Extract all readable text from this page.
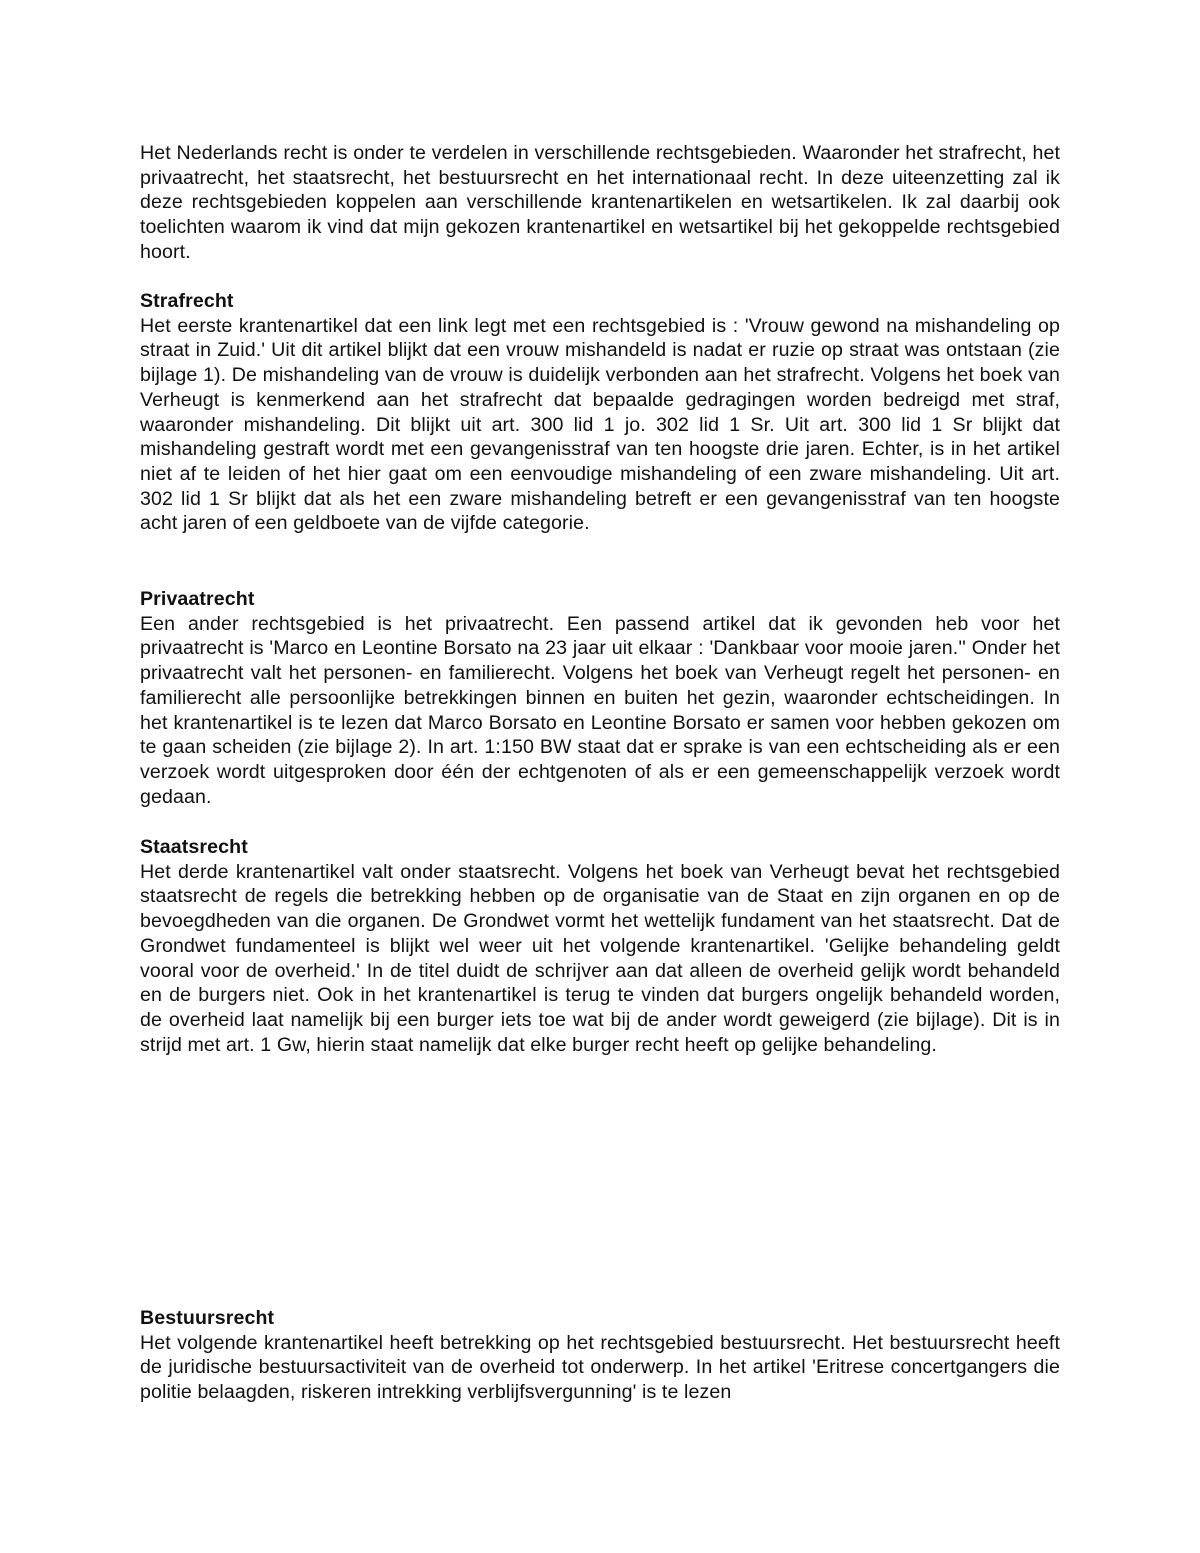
Het Nederlands recht is onder te verdelen in verschillende rechtsgebieden. Waaronder het strafrecht, het privaatrecht, het staatsrecht, het bestuursrecht en het internationaal recht. In deze uiteenzetting zal ik deze rechtsgebieden koppelen aan verschillende krantenartikelen en wetsartikelen. Ik zal daarbij ook toelichten waarom ik vind dat mijn gekozen krantenartikel en wetsartikel bij het gekoppelde rechtsgebied hoort.

Strafrecht

Het eerste krantenartikel dat een link legt met een rechtsgebied is : 'Vrouw gewond na mishandeling op straat in Zuid.' Uit dit artikel blijkt dat een vrouw mishandeld is nadat er ruzie op straat was ontstaan (zie bijlage 1). De mishandeling van de vrouw is duidelijk verbonden aan het strafrecht. Volgens het boek van Verheugt is kenmerkend aan het strafrecht dat bepaalde gedragingen worden bedreigd met straf, waaronder mishandeling. Dit blijkt uit art. 300 lid 1 jo. 302 lid 1 Sr. Uit art. 300 lid 1 Sr blijkt dat mishandeling gestraft wordt met een gevangenisstraf van ten hoogste drie jaren. Echter, is in het artikel niet af te leiden of het hier gaat om een eenvoudige mishandeling of een zware mishandeling. Uit art. 302 lid 1 Sr blijkt dat als het een zware mishandeling betreft er een gevangenisstraf van ten hoogste acht jaren of een geldboete van de vijfde categorie.

Privaatrecht

Een ander rechtsgebied is het privaatrecht. Een passend artikel dat ik gevonden heb voor het privaatrecht is 'Marco en Leontine Borsato na 23 jaar uit elkaar : 'Dankbaar voor mooie jaren.'' Onder het privaatrecht valt het personen- en familierecht. Volgens het boek van Verheugt regelt het personen- en familierecht alle persoonlijke betrekkingen binnen en buiten het gezin, waaronder echtscheidingen. In het krantenartikel is te lezen dat Marco Borsato en Leontine Borsato er samen voor hebben gekozen om te gaan scheiden (zie bijlage 2). In art. 1:150 BW staat dat er sprake is van een echtscheiding als er een verzoek wordt uitgesproken door één der echtgenoten of als er een gemeenschappelijk verzoek wordt gedaan.

Staatsrecht

Het derde krantenartikel valt onder staatsrecht. Volgens het boek van Verheugt bevat het rechtsgebied staatsrecht de regels die betrekking hebben op de organisatie van de Staat en zijn organen en op de bevoegdheden van die organen. De Grondwet vormt het wettelijk fundament van het staatsrecht. Dat de Grondwet fundamenteel is blijkt wel weer uit het volgende krantenartikel. 'Gelijke behandeling geldt vooral voor de overheid.' In de titel duidt de schrijver aan dat alleen de overheid gelijk wordt behandeld en de burgers niet. Ook in het krantenartikel is terug te vinden dat burgers ongelijk behandeld worden, de overheid laat namelijk bij een burger iets toe wat bij de ander wordt geweigerd (zie bijlage). Dit is in strijd met art. 1 Gw, hierin staat namelijk dat elke burger recht heeft op gelijke behandeling.

Bestuursrecht

Het volgende krantenartikel heeft betrekking op het rechtsgebied bestuursrecht. Het bestuursrecht heeft de juridische bestuursactiviteit van de overheid tot onderwerp. In het artikel 'Eritrese concertgangers die politie belaagden, riskeren intrekking verblijfsvergunning' is te lezen
